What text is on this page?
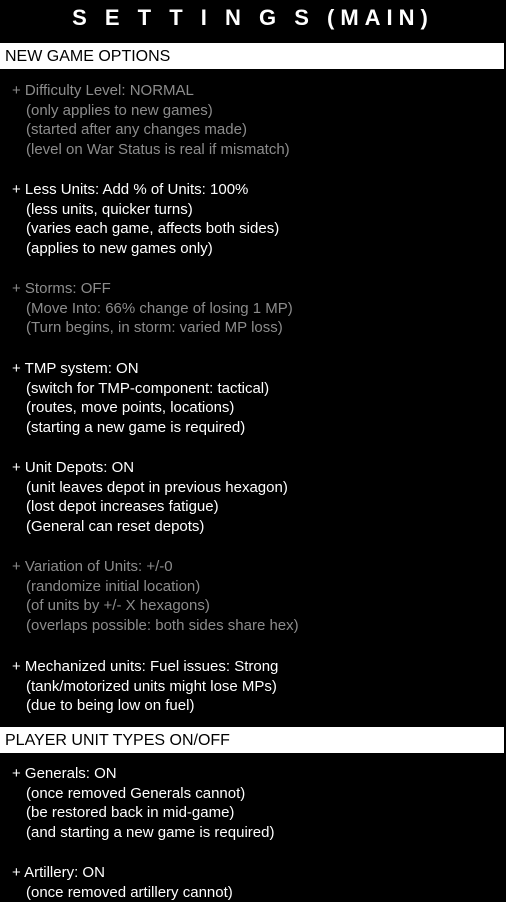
S E T T I N G S (MAIN)
NEW GAME OPTIONS
+ Difficulty Level: NORMAL
(only applies to new games)
(started after any changes made)
(level on War Status is real if mismatch)
+ Less Units: Add % of Units: 100%
(less units, quicker turns)
(varies each game, affects both sides)
(applies to new games only)
+ Storms: OFF
(Move Into: 66% change of losing 1 MP)
(Turn begins, in storm: varied MP loss)
+ TMP system: ON
(switch for TMP-component: tactical)
(routes, move points, locations)
(starting a new game is required)
+ Unit Depots: ON
(unit leaves depot in previous hexagon)
(lost depot increases fatigue)
(General can reset depots)
+ Variation of Units: +/-0
(randomize initial location)
(of units by +/- X hexagons)
(overlaps possible: both sides share hex)
+ Mechanized units: Fuel issues: Strong
(tank/motorized units might lose MPs)
(due to being low on fuel)
PLAYER UNIT TYPES ON/OFF
+ Generals: ON
(once removed Generals cannot)
(be restored back in mid-game)
(and starting a new game is required)
+ Artillery: ON
(once removed artillery cannot)
